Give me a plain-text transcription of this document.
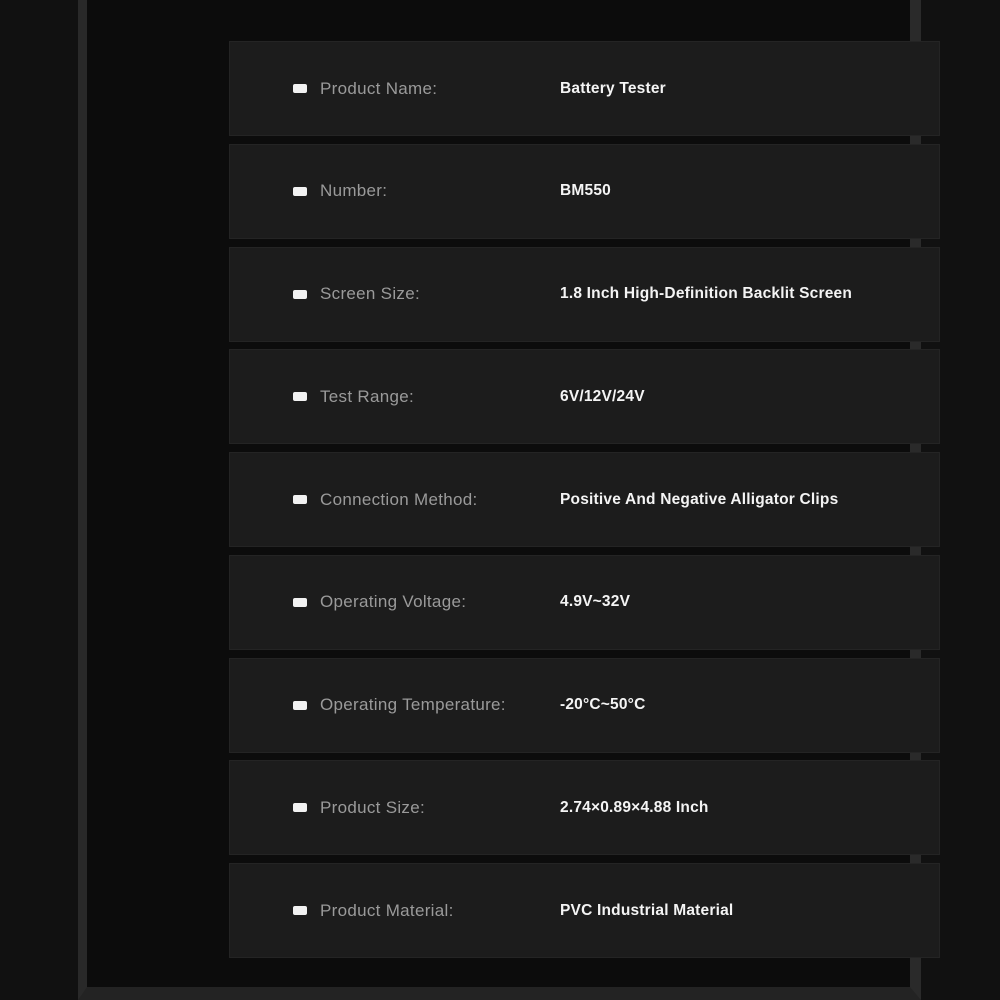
Product Name:	Battery Tester
Number:	BM550
Screen Size:	1.8 Inch High-Definition Backlit Screen
Test Range:	6V/12V/24V
Connection Method:	Positive And Negative Alligator Clips
Operating Voltage:	4.9V~32V
Operating Temperature:	-20°C~50°C
Product Size:	2.74×0.89×4.88 Inch
Product Material:	PVC Industrial Material
